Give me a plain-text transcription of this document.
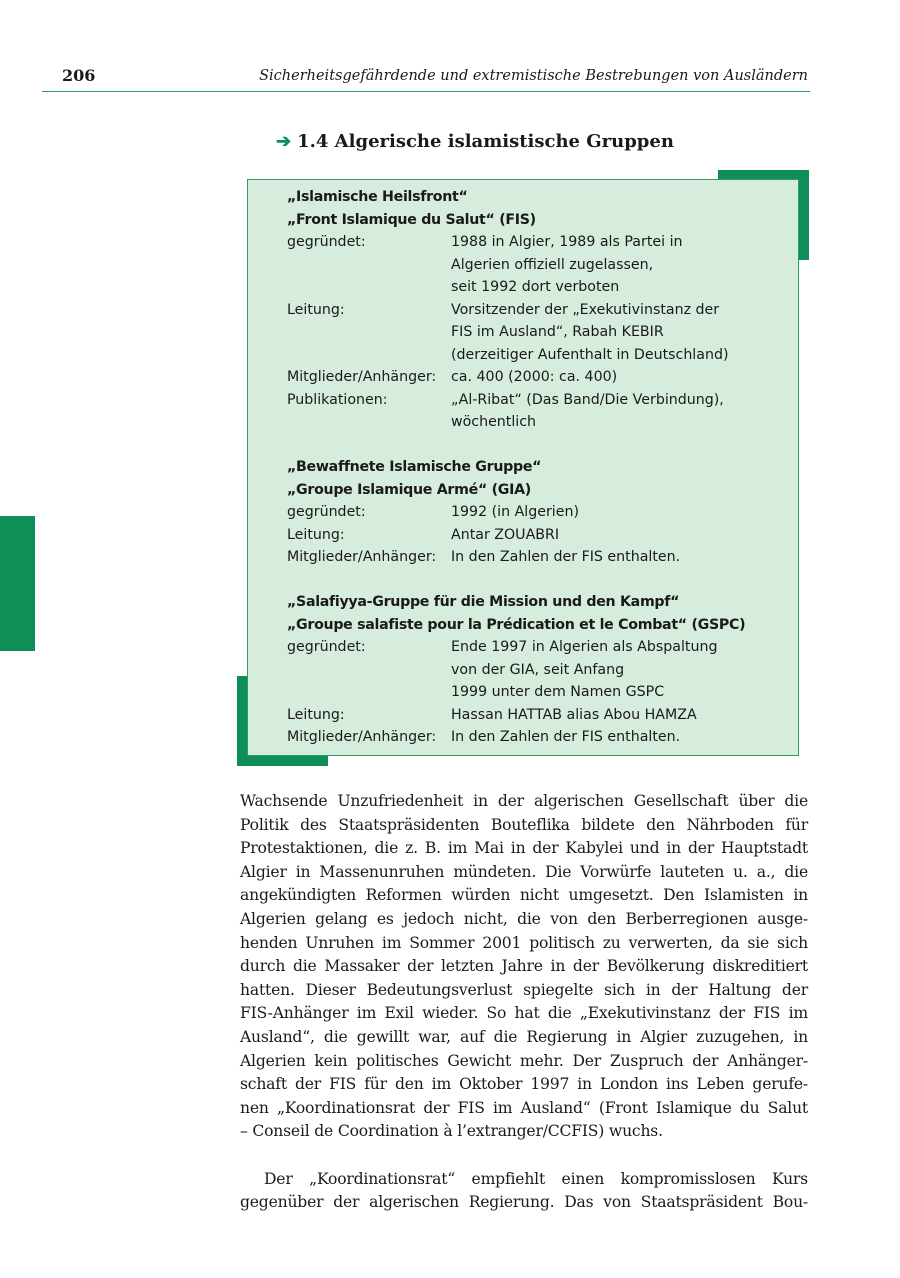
206	Sicherheitsgefährdende und extremistische Bestrebungen von Ausländern
➔ 1.4 Algerische islamistische Gruppen
„Islamische Heilsfront“
„Front Islamique du Salut“ (FIS)
gegründet:	1988 in Algier, 1989 als Partei in
Algerien offiziell zugelassen,
seit 1992 dort verboten
Leitung:	Vorsitzender der „Exekutivinstanz der
FIS im Ausland“, Rabah KEBIR
(derzeitiger Aufenthalt in Deutschland)
Mitglieder/Anhänger:	ca. 400 (2000: ca. 400)
Publikationen:	„Al-Ribat“ (Das Band/Die Verbindung),
wöchentlich
„Bewaffnete Islamische Gruppe“
„Groupe Islamique Armé“ (GIA)
gegründet:	1992 (in Algerien)
Leitung:	Antar ZOUABRI
Mitglieder/Anhänger:	In den Zahlen der FIS enthalten.
„Salafiyya-Gruppe für die Mission und den Kampf“
„Groupe salafiste pour la Prédication et le Combat“ (GSPC)
gegründet:	Ende 1997 in Algerien als Abspaltung
von der GIA, seit Anfang
1999 unter dem Namen GSPC
Leitung:	Hassan HATTAB alias Abou HAMZA
Mitglieder/Anhänger:	In den Zahlen der FIS enthalten.

Wachsende Unzufriedenheit in der algerischen Gesellschaft über die
Politik des Staatspräsidenten Bouteflika bildete den Nährboden für
Protestaktionen, die z. B. im Mai in der Kabylei und in der Hauptstadt
Algier in Massenunruhen mündeten. Die Vorwürfe lauteten u. a., die
angekündigten Reformen würden nicht umgesetzt. Den Islamisten in
Algerien gelang es jedoch nicht, die von den Berberregionen ausge-
henden Unruhen im Sommer 2001 politisch zu verwerten, da sie sich
durch die Massaker der letzten Jahre in der Bevölkerung diskreditiert
hatten. Dieser Bedeutungsverlust spiegelte sich in der Haltung der
FIS-Anhänger im Exil wieder. So hat die „Exekutivinstanz der FIS im
Ausland“, die gewillt war, auf die Regierung in Algier zuzugehen, in
Algerien kein politisches Gewicht mehr. Der Zuspruch der Anhänger-
schaft der FIS für den im Oktober 1997 in London ins Leben gerufe-
nen „Koordinationsrat der FIS im Ausland“ (Front Islamique du Salut
– Conseil de Coordination à l’extranger/CCFIS) wuchs.

Der „Koordinationsrat“ empfiehlt einen kompromisslosen Kurs
gegenüber der algerischen Regierung. Das von Staatspräsident Bou-
